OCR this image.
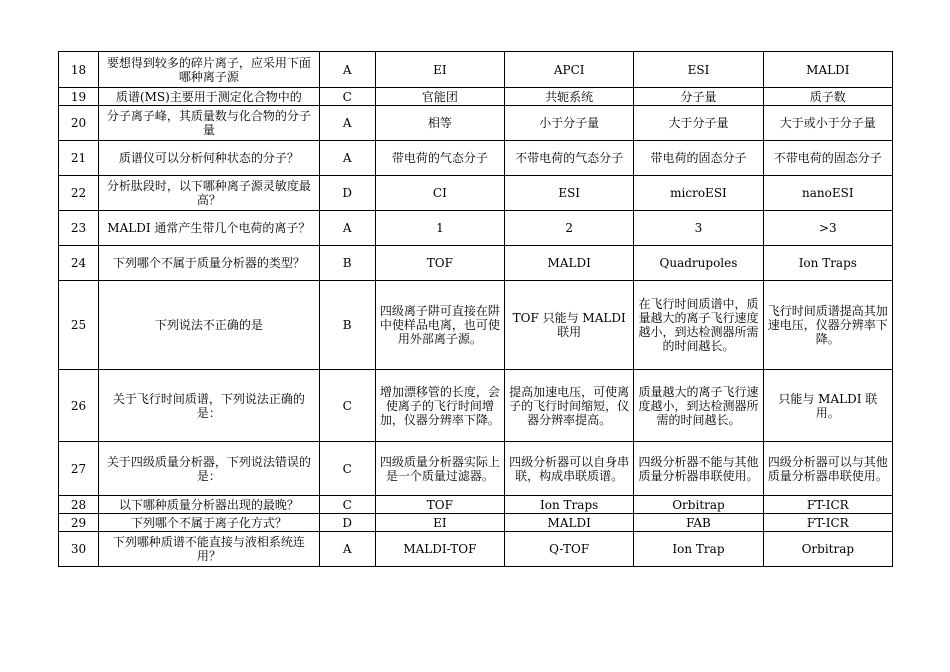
18	要想得到较多的碎片离子，应采用下面哪种离子源	A	EI	APCI	ESI	MALDI
19	质谱(MS)主要用于测定化合物中的	C	官能团	共轭系统	分子量	质子数
20	分子离子峰，其质量数与化合物的分子量	A	相等	小于分子量	大于分子量	大于或小于分子量
21	质谱仪可以分析何种状态的分子？	A	带电荷的气态分子	不带电荷的气态分子	带电荷的固态分子	不带电荷的固态分子
22	分析肽段时，以下哪种离子源灵敏度最高？	D	CI	ESI	microESI	nanoESI
23	MALDI 通常产生带几个电荷的离子？	A	1	2	3	>3
24	下列哪个不属于质量分析器的类型？	B	TOF	MALDI	Quadrupoles	Ion Traps
25	下列说法不正确的是	B	四级离子阱可直接在阱中使样品电离，也可使用外部离子源。	TOF 只能与 MALDI 联用	在飞行时间质谱中，质量越大的离子飞行速度越小，到达检测器所需的时间越长。	飞行时间质谱提高其加速电压，仪器分辨率下降。
26	关于飞行时间质谱，下列说法正确的是：	C	增加漂移管的长度，会使离子的飞行时间增加，仪器分辨率下降。	提高加速电压，可使离子的飞行时间缩短，仪器分辨率提高。	质量越大的离子飞行速度越小，到达检测器所需的时间越长。	只能与 MALDI 联用。
27	关于四级质量分析器，下列说法错误的是：	C	四级质量分析器实际上是一个质量过滤器。	四级分析器可以自身串联，构成串联质谱。	四级分析器不能与其他质量分析器串联使用。	四级分析器可以与其他质量分析器串联使用。
28	以下哪种质量分析器出现的最晚？	C	TOF	Ion Traps	Orbitrap	FT-ICR
29	下列哪个不属于离子化方式？	D	EI	MALDI	FAB	FT-ICR
30	下列哪种质谱不能直接与液相系统连用？	A	MALDI-TOF	Q-TOF	Ion Trap	Orbitrap
